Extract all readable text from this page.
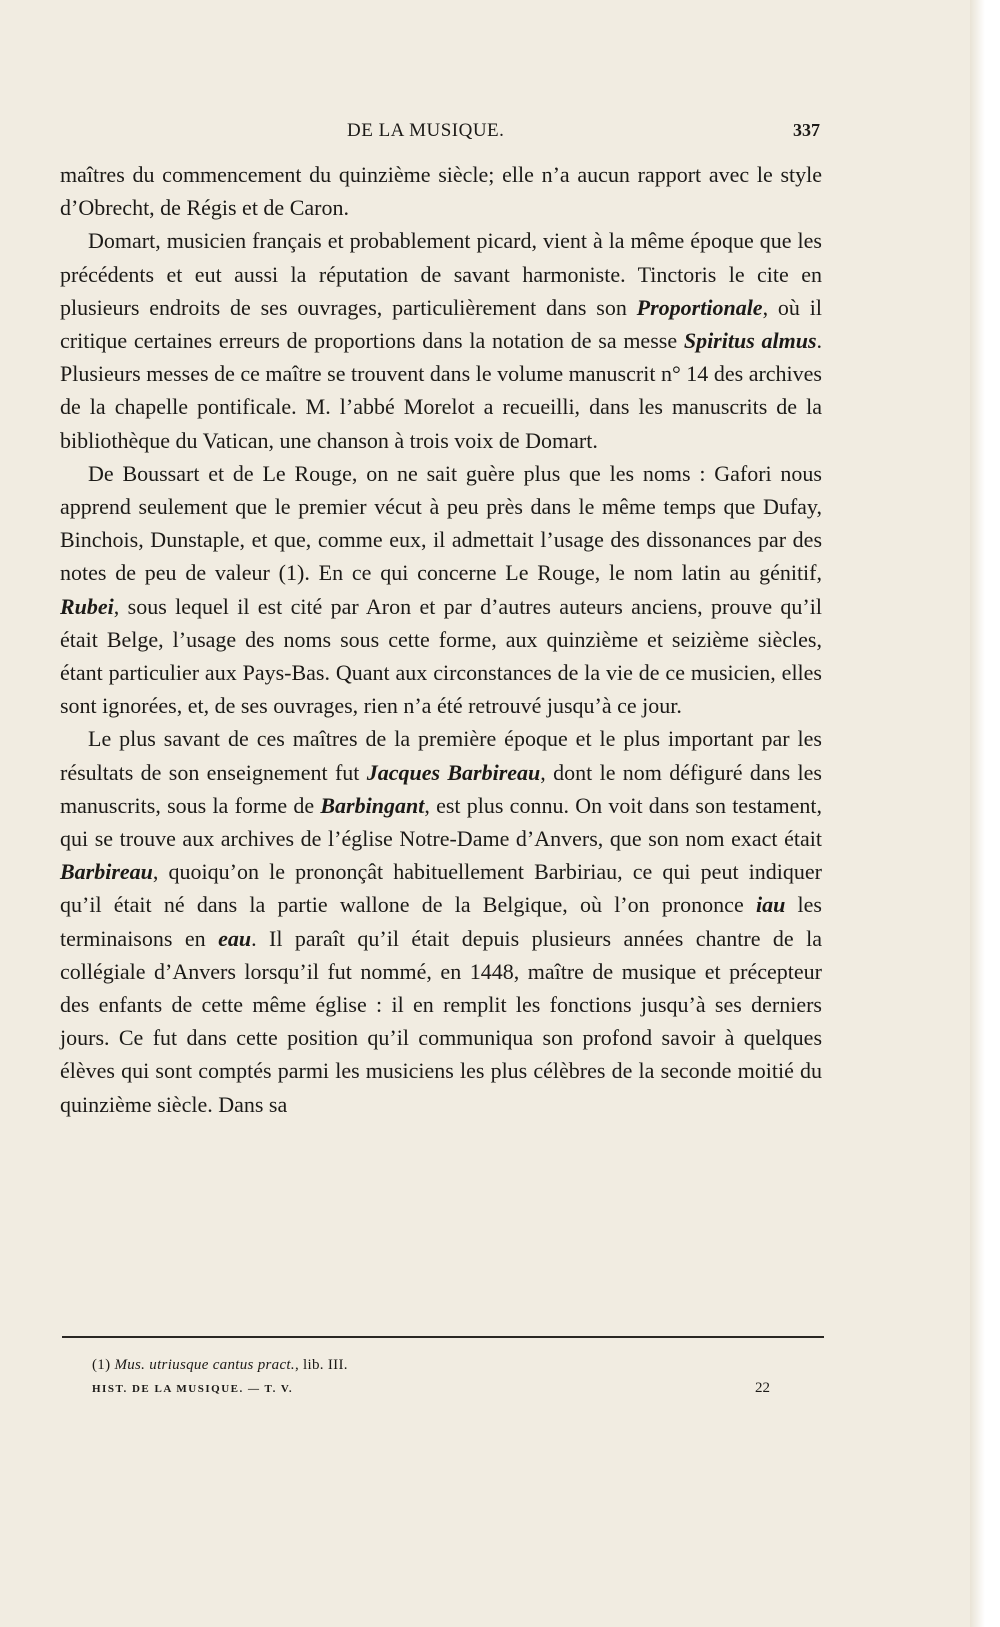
DE LA MUSIQUE.	337

maîtres du commencement du quinzième siècle; elle n’a aucun rapport avec le style d’Obrecht, de Régis et de Caron.

Domart, musicien français et probablement picard, vient à la même époque que les précédents et eut aussi la réputation de savant harmoniste. Tinctoris le cite en plusieurs endroits de ses ouvrages, particulièrement dans son Proportionale, où il critique certaines erreurs de proportions dans la notation de sa messe Spiritus almus. Plusieurs messes de ce maître se trouvent dans le volume manuscrit n° 14 des archives de la chapelle pontificale. M. l’abbé Morelot a recueilli, dans les manuscrits de la bibliothèque du Vatican, une chanson à trois voix de Domart.

De Boussart et de Le Rouge, on ne sait guère plus que les noms : Gafori nous apprend seulement que le premier vécut à peu près dans le même temps que Dufay, Binchois, Dunstaple, et que, comme eux, il admettait l’usage des dissonances par des notes de peu de valeur (1). En ce qui concerne Le Rouge, le nom latin au génitif, Rubei, sous lequel il est cité par Aron et par d’autres auteurs anciens, prouve qu’il était Belge, l’usage des noms sous cette forme, aux quinzième et seizième siècles, étant particulier aux Pays-Bas. Quant aux circonstances de la vie de ce musicien, elles sont ignorées, et, de ses ouvrages, rien n’a été retrouvé jusqu’à ce jour.

Le plus savant de ces maîtres de la première époque et le plus important par les résultats de son enseignement fut Jacques Barbireau, dont le nom défiguré dans les manuscrits, sous la forme de Barbingant, est plus connu. On voit dans son testament, qui se trouve aux archives de l’église Notre-Dame d’Anvers, que son nom exact était Barbireau, quoiqu’on le prononçât habituellement Barbiriau, ce qui peut indiquer qu’il était né dans la partie wallone de la Belgique, où l’on prononce iau les terminaisons en eau. Il paraît qu’il était depuis plusieurs années chantre de la collégiale d’Anvers lorsqu’il fut nommé, en 1448, maître de musique et précepteur des enfants de cette même église : il en remplit les fonctions jusqu’à ses derniers jours. Ce fut dans cette position qu’il communiqua son profond savoir à quelques élèves qui sont comptés parmi les musiciens les plus célèbres de la seconde moitié du quinzième siècle. Dans sa

(1) Mus. utriusque cantus pract., lib. III.
HIST. DE LA MUSIQUE. — T. V.	22
